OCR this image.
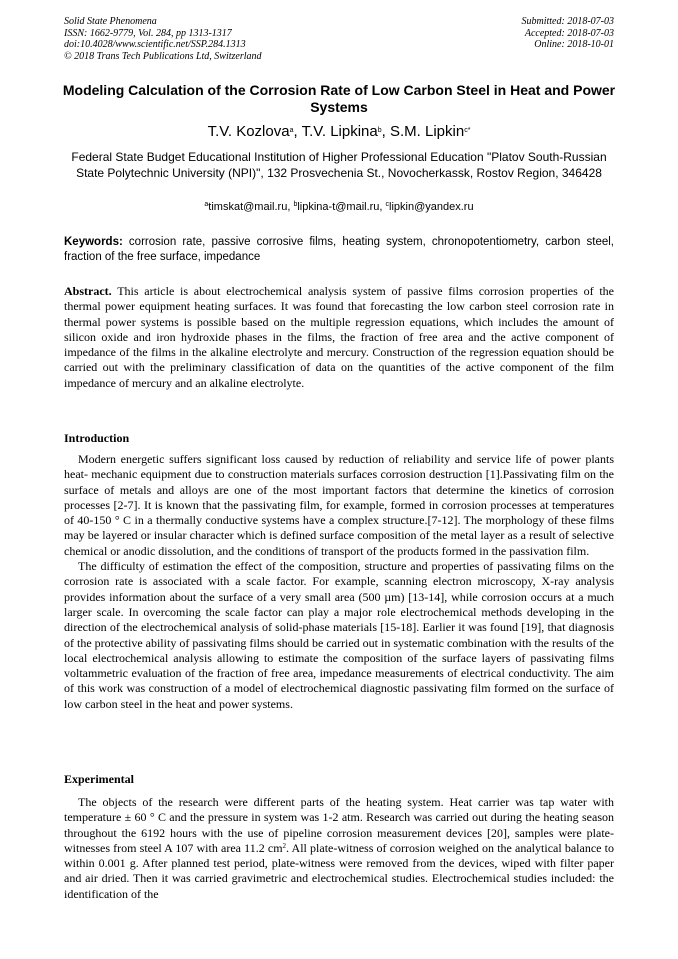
Solid State Phenomena
ISSN: 1662-9779, Vol. 284, pp 1313-1317
doi:10.4028/www.scientific.net/SSP.284.1313
© 2018 Trans Tech Publications Ltd, Switzerland
Submitted: 2018-07-03
Accepted: 2018-07-03
Online: 2018-10-01
Modeling Calculation of the Corrosion Rate of Low Carbon Steel in Heat and Power Systems
T.V. Kozlova$^a$, T.V. Lipkina$^b$, S.M. Lipkin$^{c*}$
Federal State Budget Educational Institution of Higher Professional Education "Platov South-Russian State Polytechnic University (NPI)", 132 Prosvechenia St., Novocherkassk, Rostov Region, 346428
$^a$timskat@mail.ru, $^b$lipkina-t@mail.ru, $^c$lipkin@yandex.ru
Keywords: corrosion rate, passive corrosive films, heating system, chronopotentiometry, carbon steel, fraction of the free surface, impedance

Abstract. This article is about electrochemical analysis system of passive films corrosion properties of the thermal power equipment heating surfaces. It was found that forecasting the low carbon steel corrosion rate in thermal power systems is possible based on the multiple regression equations, which includes the amount of silicon oxide and iron hydroxide phases in the films, the fraction of free area and the active component of impedance of the films in the alkaline electrolyte and mercury. Construction of the regression equation should be carried out with the preliminary classification of data on the quantities of the active component of the film impedance of mercury and an alkaline electrolyte.

Introduction

Modern energetic suffers significant loss caused by reduction of reliability and service life of power plants heat- mechanic equipment due to construction materials surfaces corrosion destruction [1].Passivating film on the surface of metals and alloys are one of the most important factors that determine the kinetics of corrosion processes [2-7]. It is known that the passivating film, for example, formed in corrosion processes at temperatures of 40-150 ° C in a thermally conductive systems have a complex structure.[7-12]. The morphology of these films may be layered or insular character which is defined surface composition of the metal layer as a result of selective chemical or anodic dissolution, and the conditions of transport of the products formed in the passivation film.

The difficulty of estimation the effect of the composition, structure and properties of passivating films on the corrosion rate is associated with a scale factor. For example, scanning electron microscopy, X-ray analysis provides information about the surface of a very small area (500 µm) [13-14], while corrosion occurs at a much larger scale. In overcoming the scale factor can play a major role electrochemical methods developing in the direction of the electrochemical analysis of solid-phase materials [15-18]. Earlier it was found [19], that diagnosis of the protective ability of passivating films should be carried out in systematic combination with the results of the local electrochemical analysis allowing to estimate the composition of the surface layers of passivating films voltammetric evaluation of the fraction of free area, impedance measurements of electrical conductivity. The aim of this work was construction of a model of electrochemical diagnostic passivating film formed on the surface of low carbon steel in the heat and power systems.

Experimental

The objects of the research were different parts of the heating system. Heat carrier was tap water with temperature ± 60 ° C and the pressure in system was 1-2 atm. Research was carried out during the heating season throughout the 6192 hours with the use of pipeline corrosion measurement devices [20], samples were plate-witnesses from steel A 107 with area 11.2 $cm^2$. All plate-witness of corrosion weighed on the analytical balance to within 0.001 g. After planned test period, plate-witness were removed from the devices, wiped with filter paper and air dried. Then it was carried gravimetric and electrochemical studies. Electrochemical studies included: the identification of the
